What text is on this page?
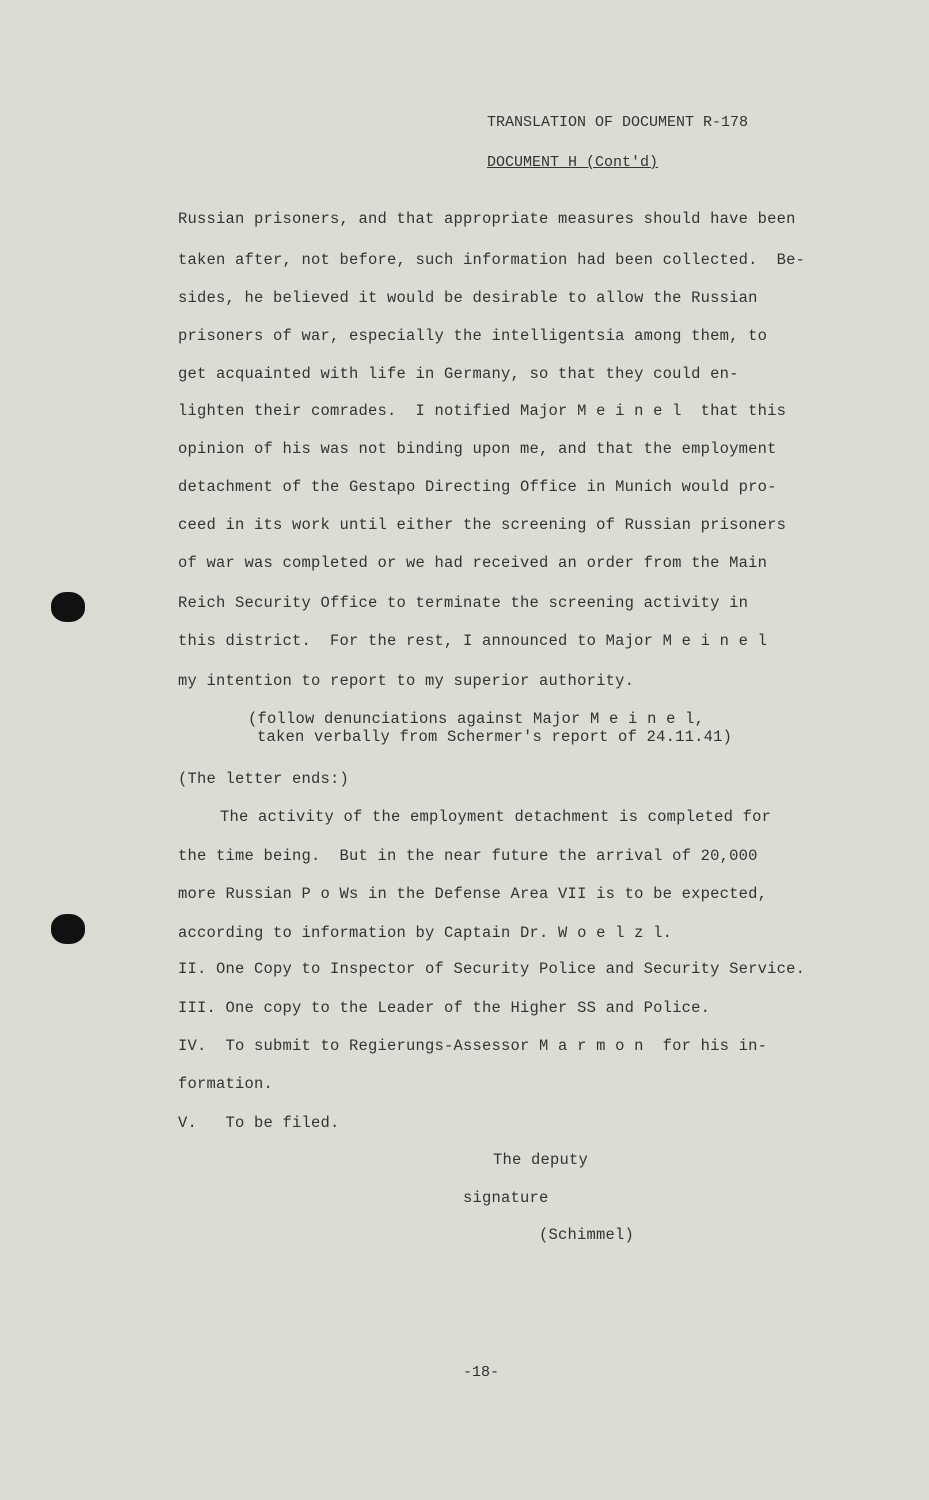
TRANSLATION OF DOCUMENT R-178
DOCUMENT H (Cont'd)
Russian prisoners, and that appropriate measures should have been
taken after, not before, such information had been collected.  Be-
sides, he believed it would be desirable to allow the Russian
prisoners of war, especially the intelligentsia among them, to
get acquainted with life in Germany, so that they could en-
lighten their comrades.  I notified Major M e i n e l  that this
opinion of his was not binding upon me, and that the employment
detachment of the Gestapo Directing Office in Munich would pro-
ceed in its work until either the screening of Russian prisoners
of war was completed or we had received an order from the Main
Reich Security Office to terminate the screening activity in
this district.  For the rest, I announced to Major M e i n e l
my intention to report to my superior authority.
(follow denunciations against Major M e i n e l,
taken verbally from Schermer's report of 24.11.41)
(The letter ends:)
The activity of the employment detachment is completed for
the time being.  But in the near future the arrival of 20,000
more Russian P o Ws in the Defense Area VII is to be expected,
according to information by Captain Dr. W o e l z l.
II. One Copy to Inspector of Security Police and Security Service.
III. One copy to the Leader of the Higher SS and Police.
IV.  To submit to Regierungs-Assessor M a r m o n  for his in-
formation.
V.   To be filed.
The deputy
signature
(Schimmel)
-18-
